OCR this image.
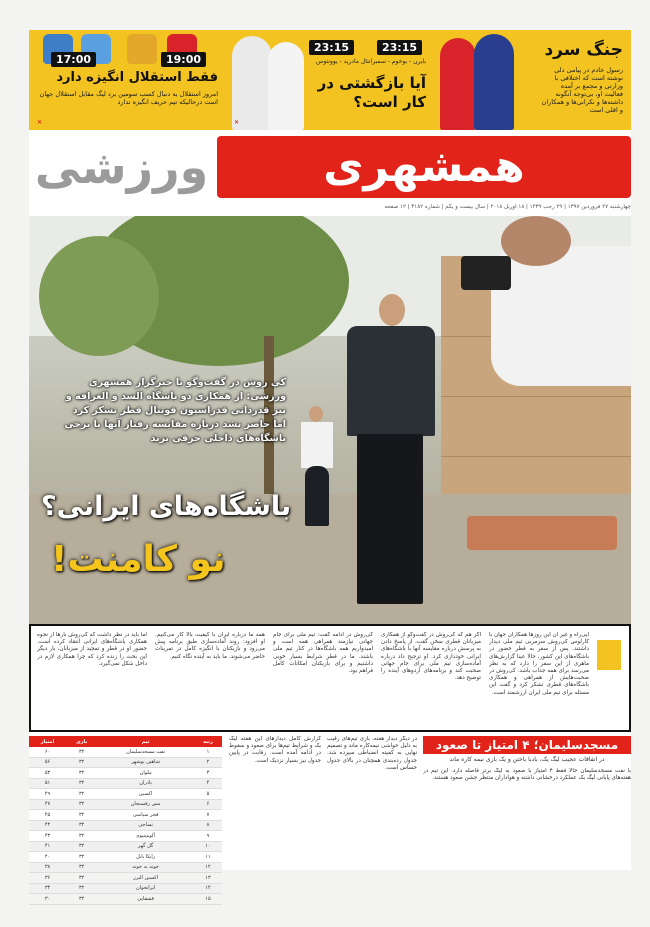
جنگ سرد
رسول خادم در پیامی دلی نوشته است که اختلافی با وزارتی و مجمع بر آمده فعالیت او، بی‌توجه آنگونه داشته‌ها و نکرانی‌ها و همکاران و اقلی است
23:15
23:15
بایرن - بوخوم - سمبرانتال مادرید - یوونتوس
آیا بازگشتی در کار است؟
✕
19:00
17:00
فقط استقلال انگیزه دارد
امروز استقلال به دنبال کسب سومین برد لیگ مقابل استقلال جهان است درحالیکه تیم حریف انگیزه ندارد
✕
همشهری
ورزشی
چهارشنبه ۲۷ فروردین ۱۳۹۷ | ۲۹ رجب ۱۴۳۹ | ۱۸ آوریل ۲۰۱۸ | سال بیست و یکم | شماره ۳۱۸۲ | ۱۲ صفحه
کی روش در گفت‌وگو با خبرگزار همشهری ورزشی: از همکاری دو باشگاه السد و الغرافه و نیز قدردانی فدراسیون فوتبال قطر تشکر کرد اما حاضر نشد درباره مقایسه رفتار آنها با برخی باشگاه‌های داخلی حرفی بزند
باشگاه‌های ایرانی؟
نو کامنت!
اپی‌راه و غیر آن این روزها همکاران جهان با کارلوس کی‌روش سرمربی تیم ملی دیدار داشتند. پس از سفر به قطر حضور در باشگاه‌های این کشور، حالا عینا گزارش‌های ماهری از این سفر را دارد که به نظر می‌رسد برای همه جذاب باشد. کی‌روش در صحبت‌هایش از همراهی و همکاری باشگاه‌های قطری تشکر کرد و گفت این مسئله برای تیم ملی ایران ارزشمند است.
اگر هم که کی‌روش در گفت‌وگو از همکاری میزبانان قطری سخن گفت، از پاسخ دادن به پرسش درباره مقایسه آنها با باشگاه‌های ایرانی خودداری کرد. او ترجیح داد درباره آماده‌سازی تیم ملی برای جام جهانی صحبت کند و برنامه‌های اردوهای آینده را توضیح دهد.
کی‌روش در ادامه گفت: تیم ملی برای جام جهانی نیازمند همراهی همه است و امیدواریم همه باشگاه‌ها در کنار تیم ملی باشند. ما در قطر شرایط بسیار خوبی داشتیم و برای بازیکنان امکانات کامل فراهم بود.
همه ما درباره ایران با کیفیت بالا کار می‌کنیم. او افزود: روند آماده‌سازی طبق برنامه پیش می‌رود و بازیکنان با انگیزه کامل در تمرینات حاضر می‌شوند. ما باید به آینده نگاه کنیم.
اما باید در نظر داشت که کی‌روش بارها از نحوه همکاری باشگاه‌های ایرانی انتقاد کرده است. حضور او در قطر و تمجید از میزبانان، بار دیگر این بحث را زنده کرد که چرا همکاری لازم در داخل شکل نمی‌گیرد.
مسجدسلیمان؛ ۴ امتیاز تا صعود
در اتفاقات عجیب لیگ یک، بادبا باختن و یک بازی نیمه کاره ماند
با نفت مسجدسلیمان حالا فقط ۴ امتیاز با صعود به لیگ برتر فاصله دارد. این تیم در هفته‌های پایانی لیگ یک عملکرد درخشانی داشته و هواداران منتظر جشن صعود هستند.
در دیگر دیدار هفته، بازی تیم‌های رقیب به دلیل حواشی نیمه‌کاره ماند و تصمیم نهایی به کمیته انضباطی سپرده شد. جدول رده‌بندی همچنان در بالای جدول حساس است.
گزارش کامل دیدارهای این هفته لیگ یک و شرایط تیم‌ها برای صعود و سقوط در ادامه آمده است. رقابت در پایین جدول نیز بسیار نزدیک است.
رتبه	تیم	بازی	امتیاز
۱	نفت مسجدسلیمان	۳۲	۶۰
۲	شاهین بوشهر	۳۲	۵۶
۳	ملوان	۳۲	۵۳
۴	بادران	۳۲	۵۱
۵	اکسین	۳۲	۴۹
۶	مس رفسنجان	۳۲	۴۷
۷	فجر سپاسی	۳۲	۴۵
۸	نساجی	۳۲	۴۴
۹	آلومینیوم	۳۲	۴۳
۱۰	گل گهر	۳۲	۴۱
۱۱	رایکا بابل	۳۲	۴۰
۱۲	خونه به خونه	۳۲	۳۸
۱۳	اکسین البرز	۳۲	۳۶
۱۴	ایرانجوان	۳۲	۳۴
۱۵	قشقایی	۳۲	۳۰
